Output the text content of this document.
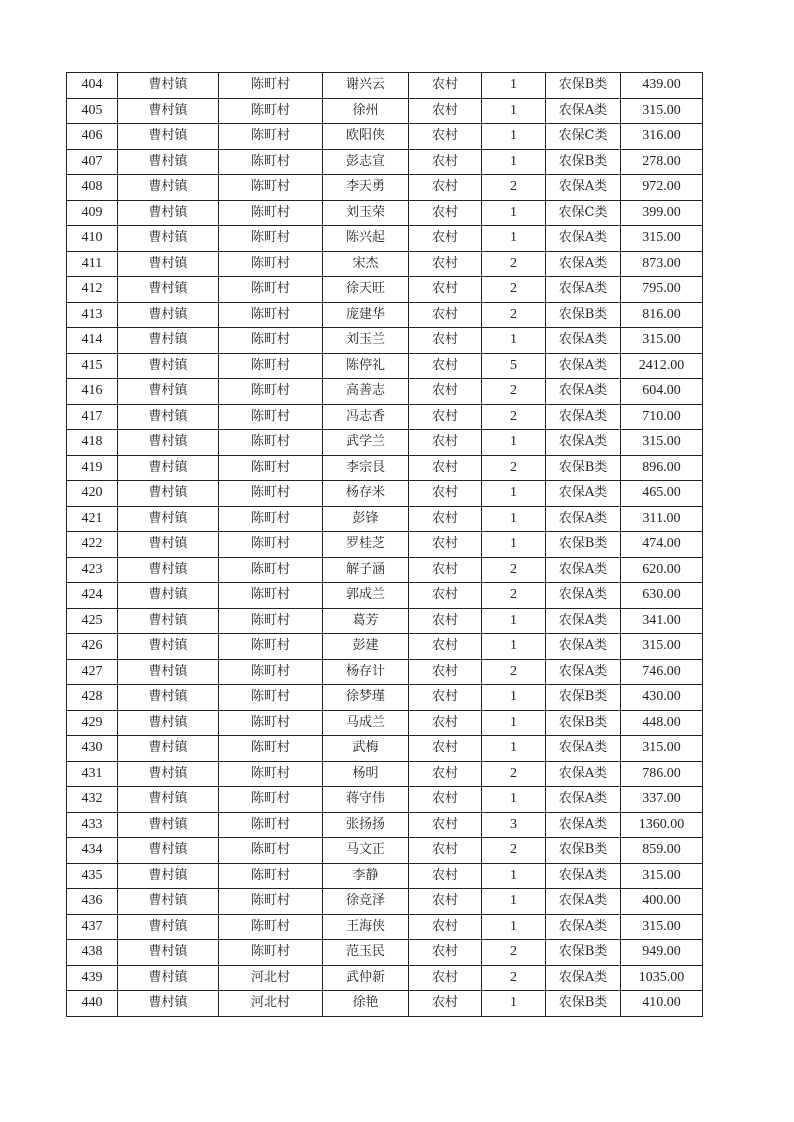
404	曹村镇	陈町村	谢兴云	农村	1	农保B类	439.00
405	曹村镇	陈町村	徐州	农村	1	农保A类	315.00
406	曹村镇	陈町村	欧阳侠	农村	1	农保C类	316.00
407	曹村镇	陈町村	彭志宣	农村	1	农保B类	278.00
408	曹村镇	陈町村	李天勇	农村	2	农保A类	972.00
409	曹村镇	陈町村	刘玉荣	农村	1	农保C类	399.00
410	曹村镇	陈町村	陈兴起	农村	1	农保A类	315.00
411	曹村镇	陈町村	宋杰	农村	2	农保A类	873.00
412	曹村镇	陈町村	徐天旺	农村	2	农保A类	795.00
413	曹村镇	陈町村	庞建华	农村	2	农保B类	816.00
414	曹村镇	陈町村	刘玉兰	农村	1	农保A类	315.00
415	曹村镇	陈町村	陈停礼	农村	5	农保A类	2412.00
416	曹村镇	陈町村	高善志	农村	2	农保A类	604.00
417	曹村镇	陈町村	冯志香	农村	2	农保A类	710.00
418	曹村镇	陈町村	武学兰	农村	1	农保A类	315.00
419	曹村镇	陈町村	李宗艮	农村	2	农保B类	896.00
420	曹村镇	陈町村	杨存米	农村	1	农保A类	465.00
421	曹村镇	陈町村	彭锋	农村	1	农保A类	311.00
422	曹村镇	陈町村	罗桂芝	农村	1	农保B类	474.00
423	曹村镇	陈町村	解子涵	农村	2	农保A类	620.00
424	曹村镇	陈町村	郭成兰	农村	2	农保A类	630.00
425	曹村镇	陈町村	葛芳	农村	1	农保A类	341.00
426	曹村镇	陈町村	彭建	农村	1	农保A类	315.00
427	曹村镇	陈町村	杨存计	农村	2	农保A类	746.00
428	曹村镇	陈町村	徐梦瑾	农村	1	农保B类	430.00
429	曹村镇	陈町村	马成兰	农村	1	农保B类	448.00
430	曹村镇	陈町村	武梅	农村	1	农保A类	315.00
431	曹村镇	陈町村	杨明	农村	2	农保A类	786.00
432	曹村镇	陈町村	蒋守伟	农村	1	农保A类	337.00
433	曹村镇	陈町村	张扬扬	农村	3	农保A类	1360.00
434	曹村镇	陈町村	马文正	农村	2	农保B类	859.00
435	曹村镇	陈町村	李静	农村	1	农保A类	315.00
436	曹村镇	陈町村	徐竞泽	农村	1	农保A类	400.00
437	曹村镇	陈町村	王海侠	农村	1	农保A类	315.00
438	曹村镇	陈町村	范玉民	农村	2	农保B类	949.00
439	曹村镇	河北村	武仲新	农村	2	农保A类	1035.00
440	曹村镇	河北村	徐艳	农村	1	农保B类	410.00
